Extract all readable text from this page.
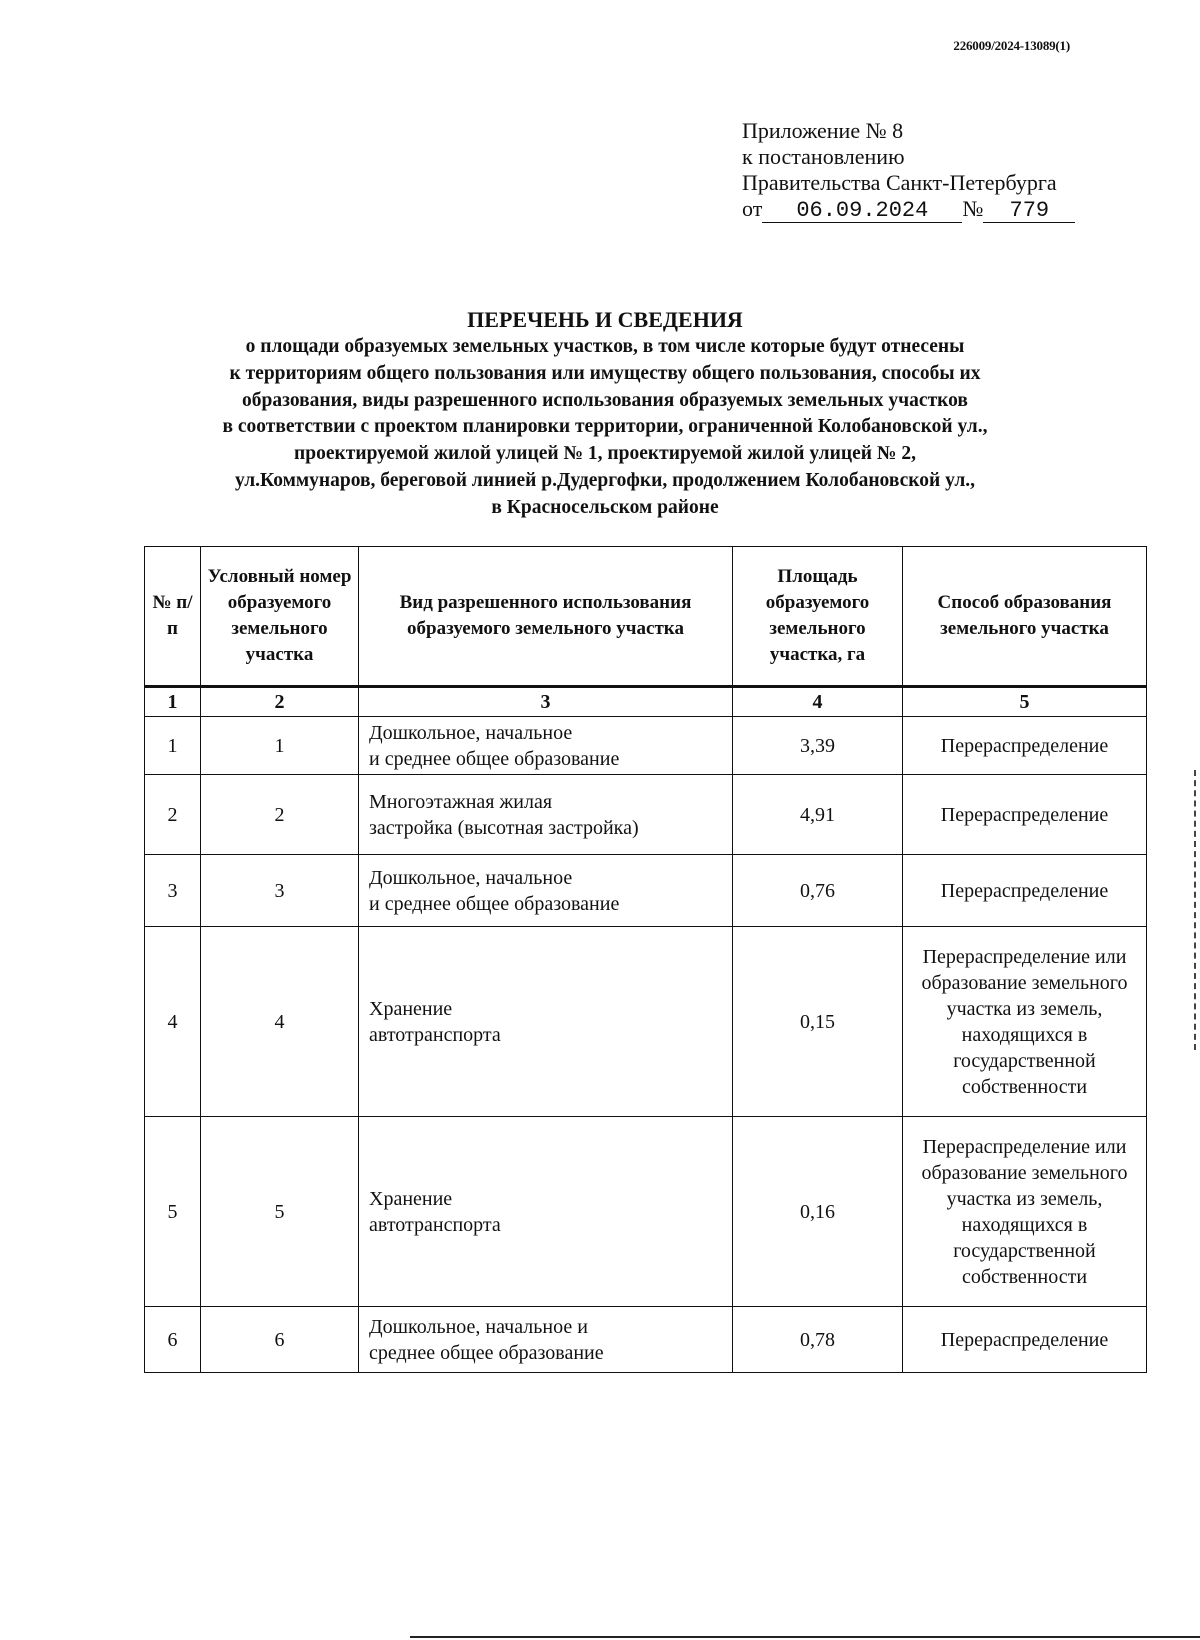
226009/2024-13089(1)
Приложение № 8
к постановлению
Правительства Санкт-Петербурга
от 06.09.2024 № 779
ПЕРЕЧЕНЬ И СВЕДЕНИЯ
о площади образуемых земельных участков, в том числе которые будут отнесены
к территориям общего пользования или имуществу общего пользования, способы их
образования, виды разрешенного использования образуемых земельных участков
в соответствии с проектом планировки территории, ограниченной Колобановской ул.,
проектируемой жилой улицей № 1, проектируемой жилой улицей № 2,
ул.Коммунаров, береговой линией р.Дудергофки, продолжением Колобановской ул.,
в Красносельском районе
№ п/п	Условный номер образуемого земельного участка	Вид разрешенного использования образуемого земельного участка	Площадь образуемого земельного участка, га	Способ образования земельного участка
1	2	3	4	5
1	1	Дошкольное, начальное
и среднее общее образование	3,39	Перераспределение
2	2	Многоэтажная жилая
застройка (высотная застройка)	4,91	Перераспределение
3	3	Дошкольное, начальное
и среднее общее образование	0,76	Перераспределение
4	4	Хранение
автотранспорта	0,15	Перераспределение или образование земельного участка из земель, находящихся в государственной собственности
5	5	Хранение
автотранспорта	0,16	Перераспределение или образование земельного участка из земель, находящихся в государственной собственности
6	6	Дошкольное, начальное и
среднее общее образование	0,78	Перераспределение
